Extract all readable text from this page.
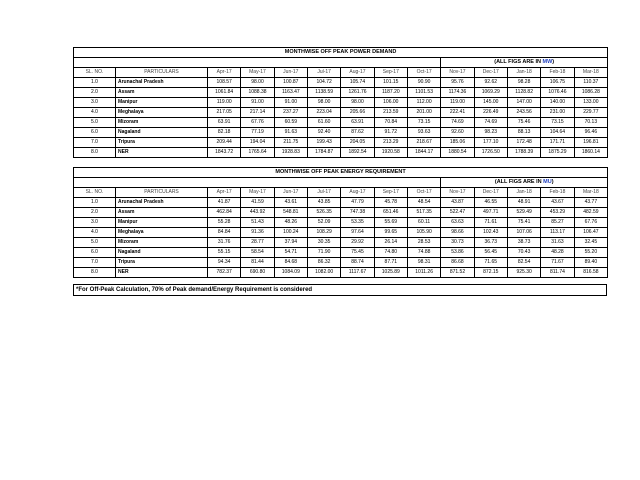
MONTHWISE OFF PEAK POWER DEMAND													
									(ALL FIGS ARE IN MW)				
SL. NO.	PARTICULARS	Apr-17	May-17	Jun-17	Jul-17	Aug-17	Sep-17	Oct-17	Nov-17	Dec-17	Jan-18	Feb-18	Mar-18
1.0	Arunachal Pradesh	108.57	98.00	100.87	104.72	105.74	101.15	90.90	95.76	92.62	98.28	106.75	110.37
2.0	Assam	1061.84	1088.38	1163.47	1138.59	1261.76	1187.20	1101.53	1174.36	1069.29	1128.82	1076.46	1086.28
3.0	Manipur	119.00	91.00	91.00	98.00	98.00	106.00	112.00	119.00	145.00	147.00	140.00	133.00
4.0	Meghalaya	217.05	217.14	237.27	223.04	205.66	213.59	201.00	222.41	226.49	243.56	231.00	229.77
5.0	Mizoram	63.91	67.76	60.59	61.60	63.91	70.84	73.15	74.69	74.69	75.46	73.15	70.13
6.0	Nagaland	82.18	77.19	91.63	92.40	87.62	91.72	93.63	92.60	98.23	88.13	104.64	96.46
7.0	Tripura	209.44	194.04	211.75	199.43	204.05	213.29	218.67	185.06	177.10	172.48	171.71	196.81
8.0	NER	1843.72	1765.64	1928.83	1784.87	1892.54	1920.58	1844.17	1880.54	1726.50	1788.39	1875.29	1860.14
MONTHWISE OFF PEAK ENERGY REQUIREMENT													
									(ALL FIGS ARE IN MU)				
SL. NO.	PARTICULARS	Apr-17	May-17	Jun-17	Jul-17	Aug-17	Sep-17	Oct-17	Nov-17	Dec-17	Jan-18	Feb-18	Mar-18
1.0	Arunachal Pradesh	41.87	41.59	43.61	43.85	47.79	45.78	48.54	43.87	46.55	48.91	43.67	43.77
2.0	Assam	462.84	443.92	548.81	526.35	747.38	651.46	517.35	522.47	497.71	529.49	453.29	482.59
3.0	Manipur	55.28	51.43	48.26	52.09	53.35	55.69	60.11	63.63	71.61	75.41	85.27	67.76
4.0	Meghalaya	84.84	91.36	100.24	108.29	97.64	99.65	105.90	98.66	102.43	107.06	113.17	106.47
5.0	Mizoram	31.76	28.77	37.94	30.35	29.92	26.14	28.53	30.73	36.73	38.73	31.63	32.45
6.0	Nagaland	55.15	58.54	54.71	71.90	75.45	74.80	74.88	53.86	56.45	70.43	48.28	55.20
7.0	Tripura	94.34	81.44	84.68	86.32	88.74	87.71	98.31	86.68	71.65	82.54	71.67	89.40
8.0	NER	782.37	690.80	1084.09	1082.00	1117.67	1025.89	1011.26	871.52	872.15	925.30	811.74	816.58
*For Off-Peak Calculation, 70% of Peak demand/Energy Requirement is considered
